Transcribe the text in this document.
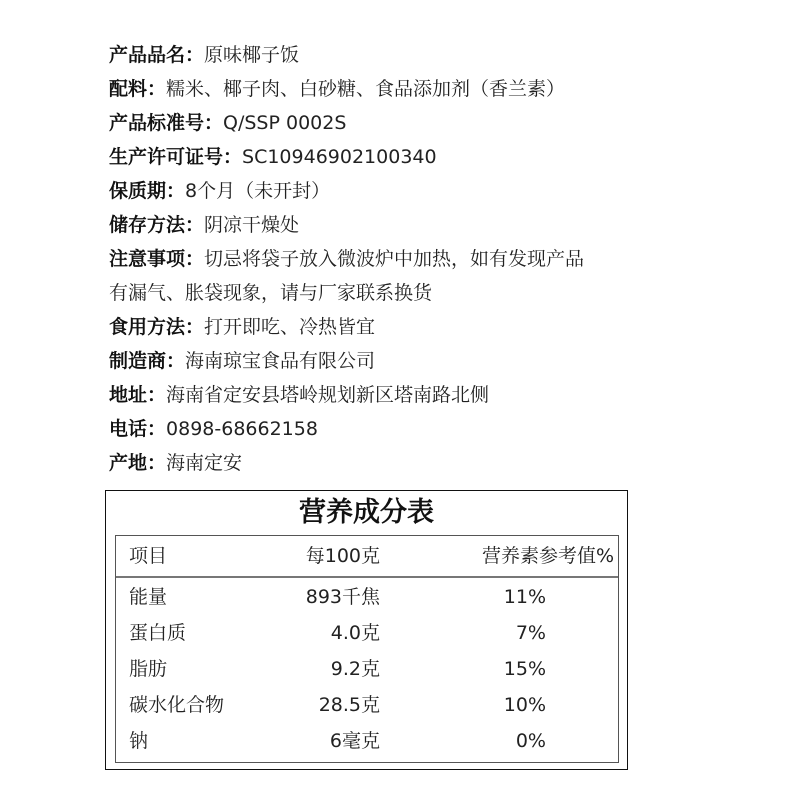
产品品名：原味椰子饭
配料：糯米、椰子肉、白砂糖、食品添加剂（香兰素）
产品标准号：Q/SSP 0002S
生产许可证号：SC10946902100340
保质期：8个月（未开封）
储存方法：阴凉干燥处
注意事项：切忌将袋子放入微波炉中加热，如有发现产品
有漏气、胀袋现象，请与厂家联系换货
食用方法：打开即吃、冷热皆宜
制造商：海南琼宝食品有限公司
地址：海南省定安县塔岭规划新区塔南路北侧
电话：0898-68662158
产地：海南定安
营养成分表
项目	每100克	营养素参考值%
能量	893千焦	11%
蛋白质	4.0克	7%
脂肪	9.2克	15%
碳水化合物	28.5克	10%
钠	6毫克	0%
